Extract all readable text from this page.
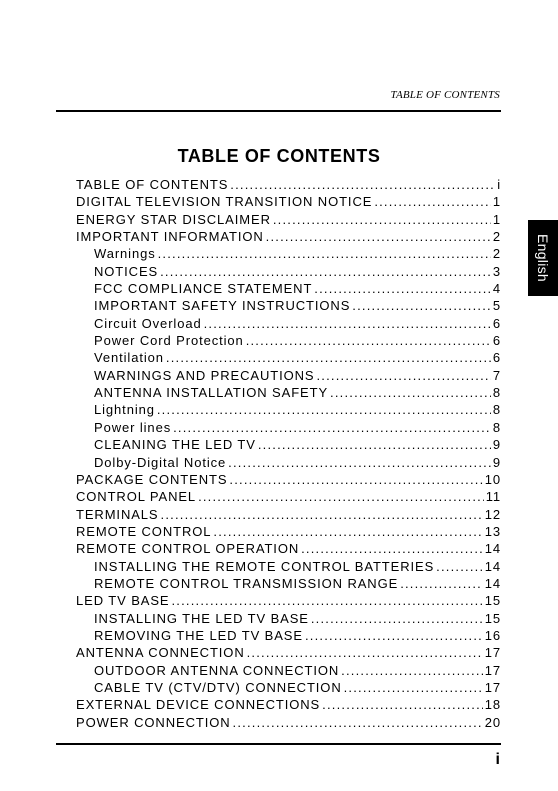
TABLE OF CONTENTS
English
TABLE OF CONTENTS
TABLE OF CONTENTS .....	i
DIGITAL TELEVISION TRANSITION NOTICE .....	1
ENERGY STAR DISCLAIMER .....	1
IMPORTANT INFORMATION .....	2
Warnings .....	2
NOTICES .....	3
FCC COMPLIANCE STATEMENT .....	4
IMPORTANT SAFETY INSTRUCTIONS .....	5
Circuit Overload .....	6
Power Cord Protection .....	6
Ventilation .....	6
WARNINGS AND PRECAUTIONS .....	7
ANTENNA INSTALLATION SAFETY .....	8
Lightning .....	8
Power lines .....	8
CLEANING THE LED TV .....	9
Dolby-Digital Notice .....	9
PACKAGE CONTENTS .....	10
CONTROL PANEL .....	11
TERMINALS .....	12
REMOTE CONTROL .....	13
REMOTE CONTROL OPERATION .....	14
INSTALLING THE REMOTE CONTROL BATTERIES .....	14
REMOTE CONTROL TRANSMISSION RANGE .....	14
LED TV BASE .....	15
INSTALLING THE LED TV BASE .....	15
REMOVING THE LED TV BASE .....	16
ANTENNA CONNECTION .....	17
OUTDOOR ANTENNA CONNECTION .....	17
CABLE TV (CTV/DTV) CONNECTION .....	17
EXTERNAL DEVICE CONNECTIONS .....	18
POWER CONNECTION .....	20
i
